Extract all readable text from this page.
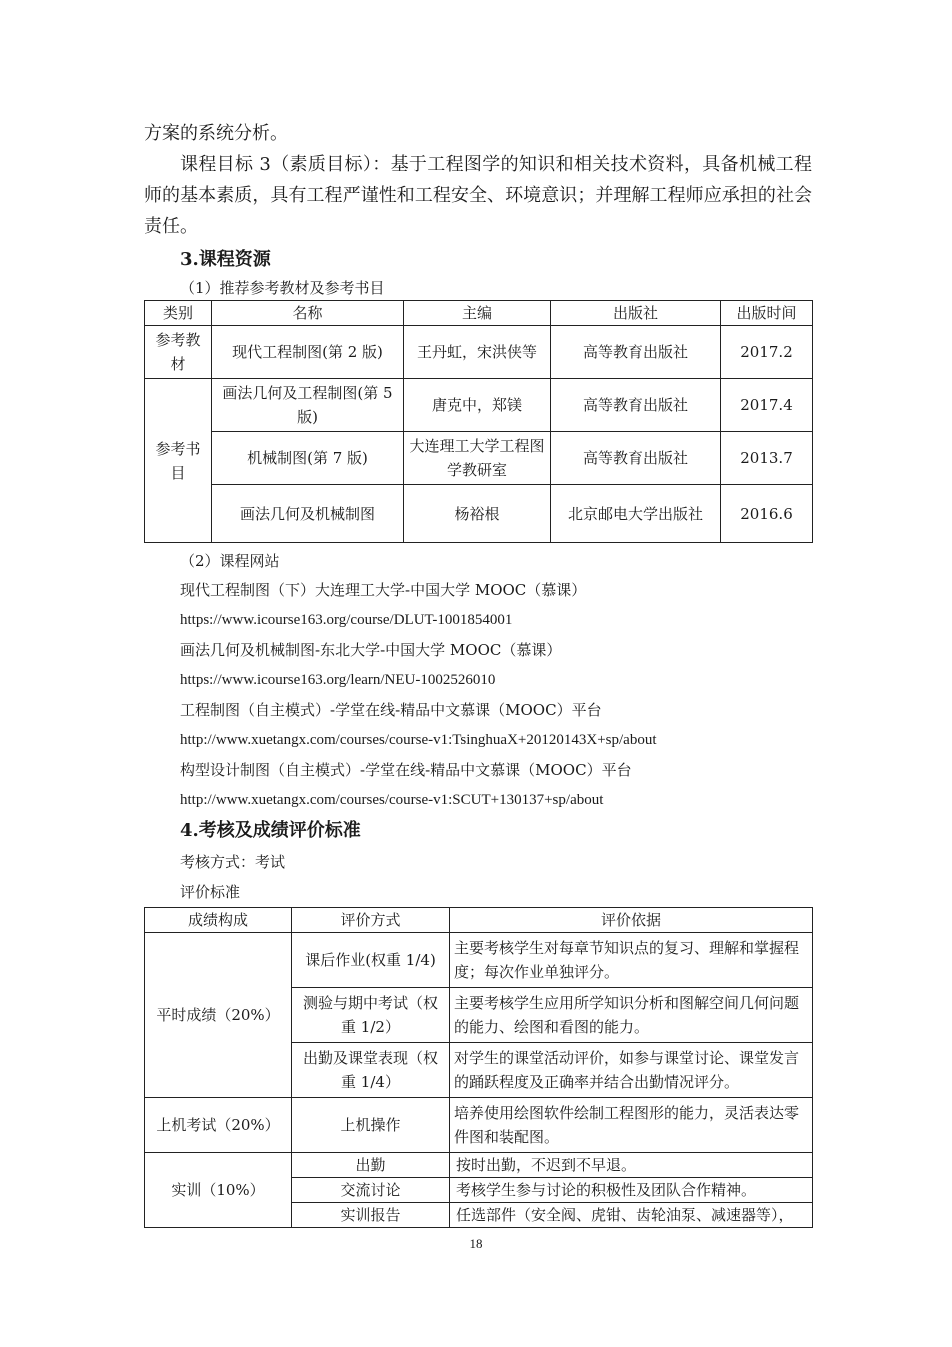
方案的系统分析。

课程目标 3（素质目标）：基于工程图学的知识和相关技术资料，具备机械工程师的基本素质，具有工程严谨性和工程安全、环境意识；并理解工程师应承担的社会责任。

3.课程资源
（1）推荐参考教材及参考书目
类别	名称	主编	出版社	出版时间
参考教材	现代工程制图(第 2 版)	王丹虹，宋洪侠等	高等教育出版社	2017.2
参考书目	画法几何及工程制图(第 5 版)	唐克中，郑镁	高等教育出版社	2017.4
	机械制图(第 7 版)	大连理工大学工程图学教研室	高等教育出版社	2013.7
	画法几何及机械制图	杨裕根	北京邮电大学出版社	2016.6
（2）课程网站
现代工程制图（下）大连理工大学-中国大学 MOOC（慕课）
https://www.icourse163.org/course/DLUT-1001854001
画法几何及机械制图-东北大学-中国大学 MOOC（慕课）
https://www.icourse163.org/learn/NEU-1002526010
工程制图（自主模式）-学堂在线-精品中文慕课（MOOC）平台
http://www.xuetangx.com/courses/course-v1:TsinghuaX+20120143X+sp/about
构型设计制图（自主模式）-学堂在线-精品中文慕课（MOOC）平台
http://www.xuetangx.com/courses/course-v1:SCUT+130137+sp/about
4.考核及成绩评价标准
考核方式：考试
评价标准
成绩构成	评价方式	评价依据
平时成绩（20%）	课后作业(权重 1/4)	主要考核学生对每章节知识点的复习、理解和掌握程度；每次作业单独评分。
	测验与期中考试（权重 1/2）	主要考核学生应用所学知识分析和图解空间几何问题的能力、绘图和看图的能力。
	出勤及课堂表现（权重 1/4）	对学生的课堂活动评价，如参与课堂讨论、课堂发言的踊跃程度及正确率并结合出勤情况评分。
上机考试（20%）	上机操作	培养使用绘图软件绘制工程图形的能力，灵活表达零件图和装配图。
实训（10%）	出勤	按时出勤，不迟到不早退。
	交流讨论	考核学生参与讨论的积极性及团队合作精神。
	实训报告	任选部件（安全阀、虎钳、齿轮油泵、减速器等），
18
